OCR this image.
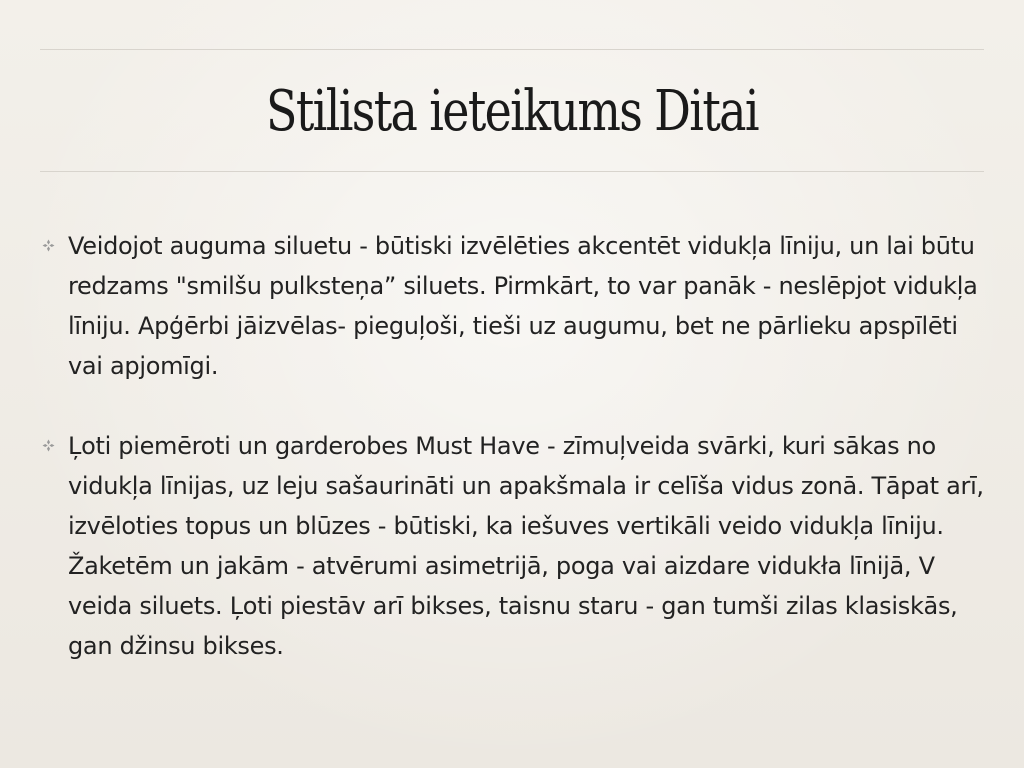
Stilista ieteikums Ditai
Veidojot auguma siluetu - būtiski izvēlēties akcentēt vidukļa līniju, un lai būtu redzams "smilšu pulksteņa” siluets. Pirmkārt, to var panāk - neslēpjot vidukļa līniju. Apģērbi jāizvēlas- pieguļoši, tieši uz augumu, bet ne pārlieku apspīlēti vai apjomīgi.
Ļoti piemēroti un garderobes Must Have - zīmuļveida svārki, kuri sākas no vidukļa līnijas, uz leju sašaurināti un apakšmala ir celīša vidus zonā. Tāpat arī, izvēloties topus un blūzes - būtiski, ka iešuves vertikāli veido vidukļa līniju. Žaketēm un jakām - atvērumi asimetrijā, poga vai aizdare vidukła līnijā, V veida siluets. Ļoti piestāv arī bikses, taisnu staru - gan tumši zilas klasiskās, gan džinsu bikses.
